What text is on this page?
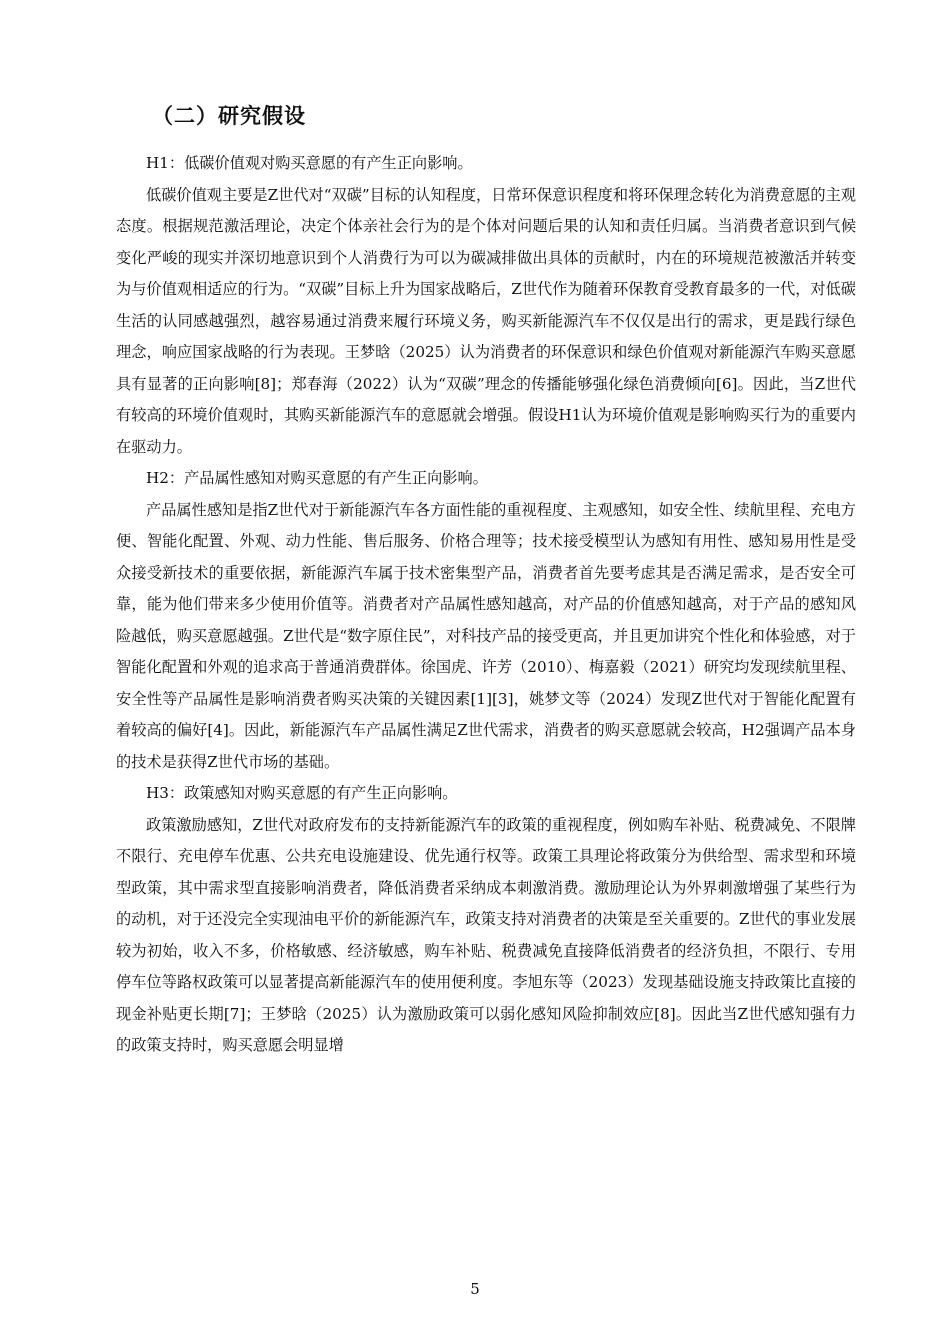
（二）研究假设

H1：低碳价值观对购买意愿的有产生正向影响。

低碳价值观主要是Z世代对“双碳”目标的认知程度，日常环保意识程度和将环保理念转化为消费意愿的主观态度。根据规范激活理论，决定个体亲社会行为的是个体对问题后果的认知和责任归属。当消费者意识到气候变化严峻的现实并深切地意识到个人消费行为可以为碳减排做出具体的贡献时，内在的环境规范被激活并转变为与价值观相适应的行为。“双碳”目标上升为国家战略后，Z世代作为随着环保教育受教育最多的一代，对低碳生活的认同感越强烈，越容易通过消费来履行环境义务，购买新能源汽车不仅仅是出行的需求，更是践行绿色理念，响应国家战略的行为表现。王梦晗（2025）认为消费者的环保意识和绿色价值观对新能源汽车购买意愿具有显著的正向影响[8]；郑春海（2022）认为“双碳”理念的传播能够强化绿色消费倾向[6]。因此，当Z世代有较高的环境价值观时，其购买新能源汽车的意愿就会增强。假设H1认为环境价值观是影响购买行为的重要内在驱动力。

H2：产品属性感知对购买意愿的有产生正向影响。

产品属性感知是指Z世代对于新能源汽车各方面性能的重视程度、主观感知，如安全性、续航里程、充电方便、智能化配置、外观、动力性能、售后服务、价格合理等；技术接受模型认为感知有用性、感知易用性是受众接受新技术的重要依据，新能源汽车属于技术密集型产品，消费者首先要考虑其是否满足需求，是否安全可靠，能为他们带来多少使用价值等。消费者对产品属性感知越高，对产品的价值感知越高，对于产品的感知风险越低，购买意愿越强。Z世代是“数字原住民”，对科技产品的接受更高，并且更加讲究个性化和体验感，对于智能化配置和外观的追求高于普通消费群体。徐国虎、许芳（2010）、梅嘉毅（2021）研究均发现续航里程、安全性等产品属性是影响消费者购买决策的关键因素[1][3]，姚梦文等（2024）发现Z世代对于智能化配置有着较高的偏好[4]。因此，新能源汽车产品属性满足Z世代需求，消费者的购买意愿就会较高，H2强调产品本身的技术是获得Z世代市场的基础。

H3：政策感知对购买意愿的有产生正向影响。

政策激励感知，Z世代对政府发布的支持新能源汽车的政策的重视程度，例如购车补贴、税费减免、不限牌不限行、充电停车优惠、公共充电设施建设、优先通行权等。政策工具理论将政策分为供给型、需求型和环境型政策，其中需求型直接影响消费者，降低消费者采纳成本刺激消费。激励理论认为外界刺激增强了某些行为的动机，对于还没完全实现油电平价的新能源汽车，政策支持对消费者的决策是至关重要的。Z世代的事业发展较为初始，收入不多，价格敏感、经济敏感，购车补贴、税费减免直接降低消费者的经济负担，不限行、专用停车位等路权政策可以显著提高新能源汽车的使用便利度。李旭东等（2023）发现基础设施支持政策比直接的现金补贴更长期[7]；王梦晗（2025）认为激励政策可以弱化感知风险抑制效应[8]。因此当Z世代感知强有力的政策支持时，购买意愿会明显增

5
